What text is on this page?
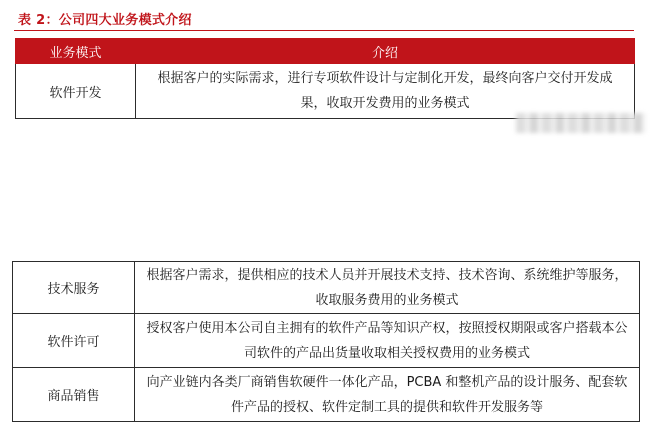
表 2：公司四大业务模式介绍
业务模式	介绍
软件开发	根据客户的实际需求，进行专项软件设计与定制化开发，最终向客户交付开发成果，收取开发费用的业务模式
技术服务	根据客户需求，提供相应的技术人员并开展技术支持、技术咨询、系统维护等服务，收取服务费用的业务模式
软件许可	授权客户使用本公司自主拥有的软件产品等知识产权，按照授权期限或客户搭载本公司软件的产品出货量收取相关授权费用的业务模式
商品销售	向产业链内各类厂商销售软硬件一体化产品，PCBA 和整机产品的设计服务、配套软件产品的授权、软件定制工具的提供和软件开发服务等
